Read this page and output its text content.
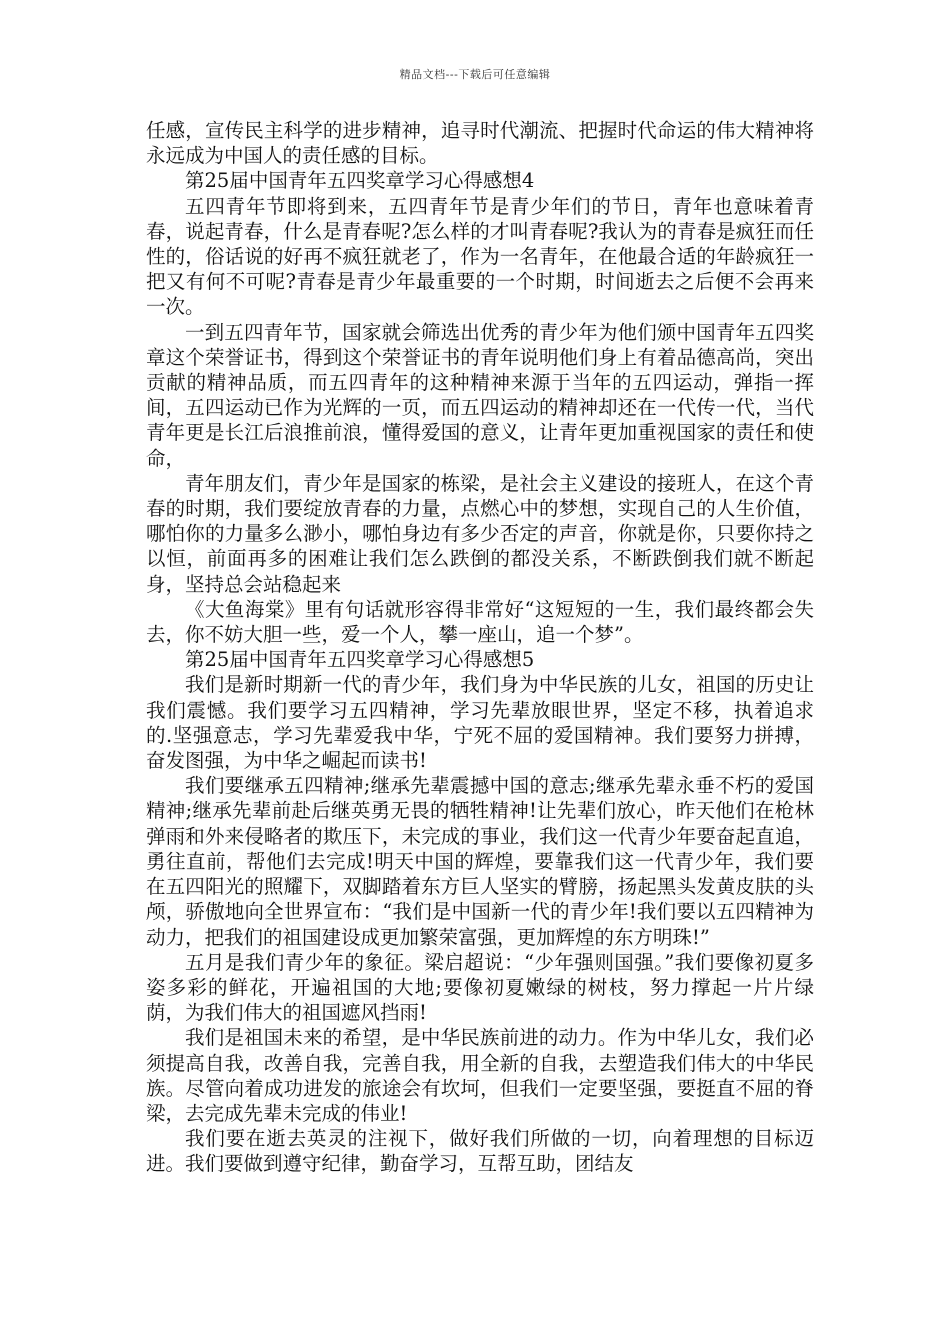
精品文档---下载后可任意编辑

任感，宣传民主科学的进步精神，追寻时代潮流、把握时代命运的伟大精神将永远成为中国人的责任感的目标。

第25届中国青年五四奖章学习心得感想4

五四青年节即将到来，五四青年节是青少年们的节日，青年也意味着青春，说起青春，什么是青春呢?怎么样的才叫青春呢?我认为的青春是疯狂而任性的，俗话说的好再不疯狂就老了，作为一名青年，在他最合适的年龄疯狂一把又有何不可呢?青春是青少年最重要的一个时期，时间逝去之后便不会再来一次。

一到五四青年节，国家就会筛选出优秀的青少年为他们颁中国青年五四奖章这个荣誉证书，得到这个荣誉证书的青年说明他们身上有着品德高尚，突出贡献的精神品质，而五四青年的这种精神来源于当年的五四运动，弹指一挥间，五四运动已作为光辉的一页，而五四运动的精神却还在一代传一代，当代青年更是长江后浪推前浪，懂得爱国的意义，让青年更加重视国家的责任和使命，

青年朋友们，青少年是国家的栋梁，是社会主义建设的接班人，在这个青春的时期，我们要绽放青春的力量，点燃心中的梦想，实现自己的人生价值，哪怕你的力量多么渺小，哪怕身边有多少否定的声音，你就是你，只要你持之以恒，前面再多的困难让我们怎么跌倒的都没关系，不断跌倒我们就不断起身，坚持总会站稳起来

《大鱼海棠》里有句话就形容得非常好“这短短的一生，我们最终都会失去，你不妨大胆一些，爱一个人，攀一座山，追一个梦”。

第25届中国青年五四奖章学习心得感想5

我们是新时期新一代的青少年，我们身为中华民族的儿女，祖国的历史让我们震憾。我们要学习五四精神，学习先辈放眼世界，坚定不移，执着追求的.坚强意志，学习先辈爱我中华，宁死不屈的爱国精神。我们要努力拼搏，奋发图强，为中华之崛起而读书!

我们要继承五四精神;继承先辈震撼中国的意志;继承先辈永垂不朽的爱国精神;继承先辈前赴后继英勇无畏的牺牲精神!让先辈们放心，昨天他们在枪林弹雨和外来侵略者的欺压下，未完成的事业，我们这一代青少年要奋起直追，勇往直前，帮他们去完成!明天中国的辉煌，要靠我们这一代青少年，我们要在五四阳光的照耀下，双脚踏着东方巨人坚实的臂膀，扬起黑头发黄皮肤的头颅，骄傲地向全世界宣布：“我们是中国新一代的青少年!我们要以五四精神为动力，把我们的祖国建设成更加繁荣富强，更加辉煌的东方明珠!”

五月是我们青少年的象征。梁启超说：“少年强则国强。”我们要像初夏多姿多彩的鲜花，开遍祖国的大地;要像初夏嫩绿的树枝，努力撑起一片片绿荫，为我们伟大的祖国遮风挡雨!

我们是祖国未来的希望，是中华民族前进的动力。作为中华儿女，我们必须提高自我，改善自我，完善自我，用全新的自我，去塑造我们伟大的中华民族。尽管向着成功进发的旅途会有坎坷，但我们一定要坚强，要挺直不屈的脊梁，去完成先辈未完成的伟业!

我们要在逝去英灵的注视下，做好我们所做的一切，向着理想的目标迈进。我们要做到遵守纪律，勤奋学习，互帮互助，团结友
